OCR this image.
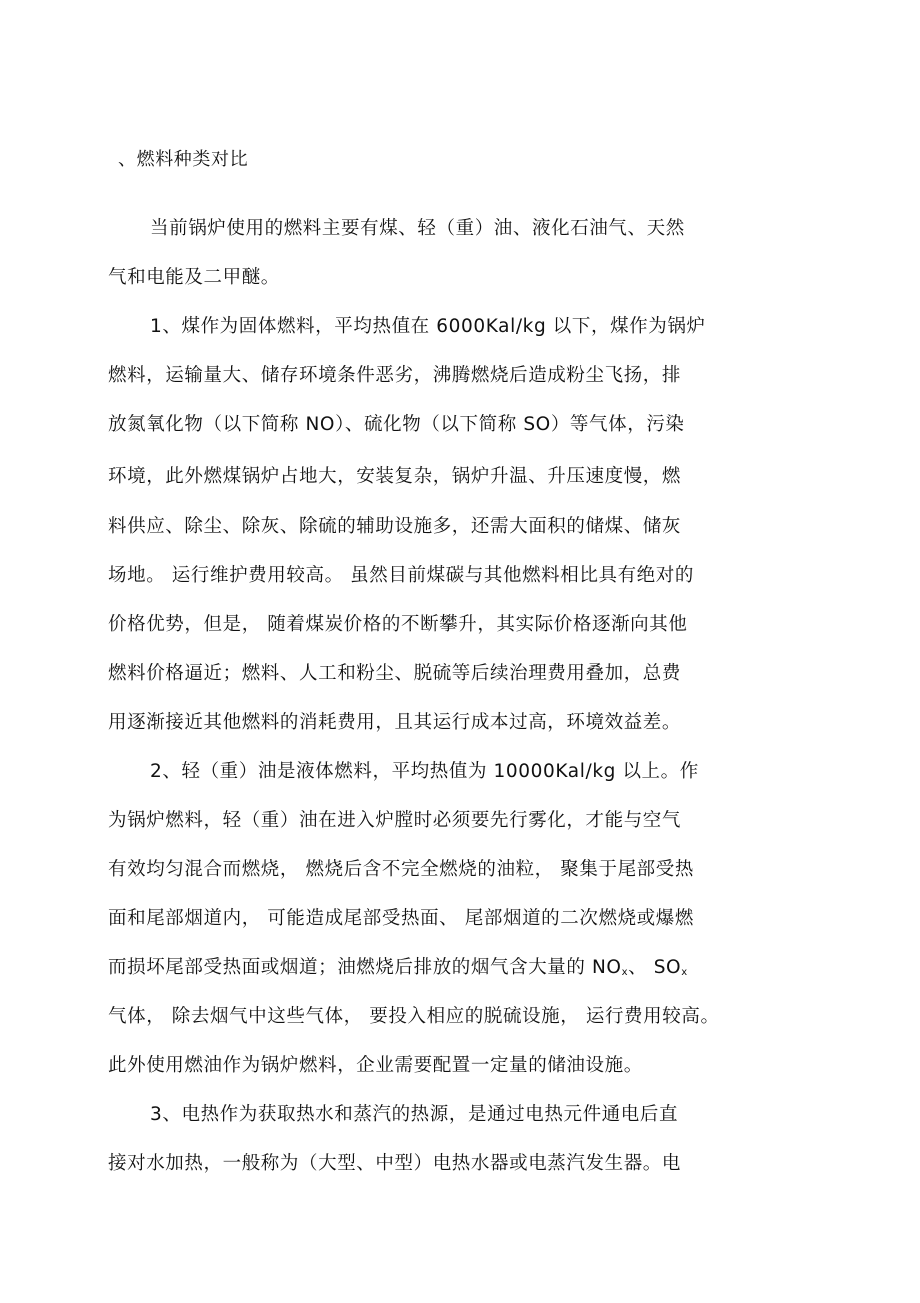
、燃料种类对比

当前锅炉使用的燃料主要有煤、轻（重）油、液化石油气、天然

气和电能及二甲醚。

1、煤作为固体燃料，平均热值在 6000Kal/kg 以下，煤作为锅炉

燃料，运输量大、储存环境条件恶劣，沸腾燃烧后造成粉尘飞扬，排

放氮氧化物（以下简称 NO）、硫化物（以下简称 SO）等气体，污染

环境，此外燃煤锅炉占地大，安装复杂，锅炉升温、升压速度慢，燃

料供应、除尘、除灰、除硫的辅助设施多，还需大面积的储煤、储灰

场地。 运行维护费用较高。 虽然目前煤碳与其他燃料相比具有绝对的

价格优势，但是， 随着煤炭价格的不断攀升，其实际价格逐渐向其他

燃料价格逼近；燃料、人工和粉尘、脱硫等后续治理费用叠加，总费

用逐渐接近其他燃料的消耗费用，且其运行成本过高，环境效益差。

2、轻（重）油是液体燃料，平均热值为 10000Kal/kg 以上。作

为锅炉燃料，轻（重）油在进入炉膛时必须要先行雾化，才能与空气

有效均匀混合而燃烧， 燃烧后含不完全燃烧的油粒， 聚集于尾部受热

面和尾部烟道内， 可能造成尾部受热面、 尾部烟道的二次燃烧或爆燃

而损坏尾部受热面或烟道；油燃烧后排放的烟气含大量的 $NO_x$、 $SO_x$

气体， 除去烟气中这些气体， 要投入相应的脱硫设施， 运行费用较高。

此外使用燃油作为锅炉燃料，企业需要配置一定量的储油设施。

3、电热作为获取热水和蒸汽的热源，是通过电热元件通电后直

接对水加热，一般称为（大型、中型）电热水器或电蒸汽发生器。电
